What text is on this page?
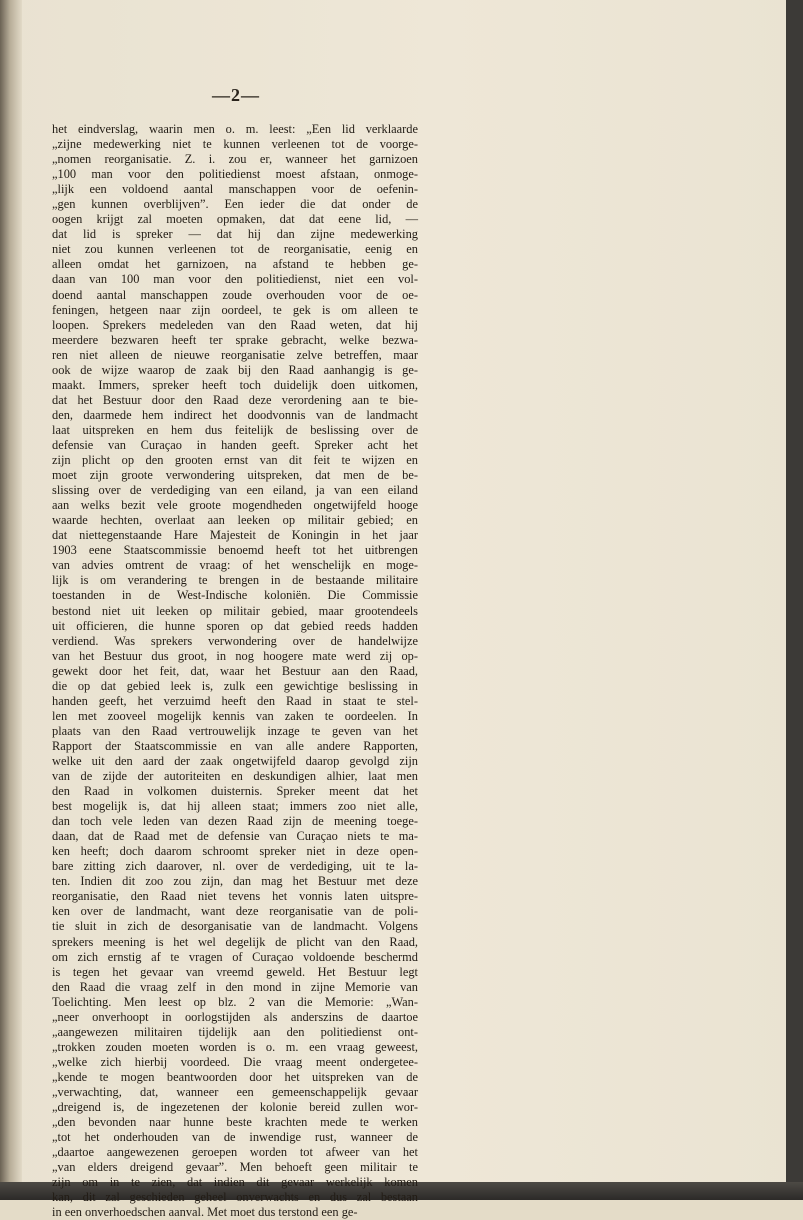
—2—
het eindverslag, waarin men o. m. leest: „Een lid verklaarde
„zijne medewerking niet te kunnen verleenen tot de voorge-
„nomen reorganisatie. Z. i. zou er, wanneer het garnizoen
„100 man voor den politiedienst moest afstaan, onmoge-
„lijk een voldoend aantal manschappen voor de oefenin-
„gen kunnen overblijven”. Een ieder die dat onder de
oogen krijgt zal moeten opmaken, dat dat eene lid, —
dat lid is spreker — dat hij dan zijne medewerking
niet zou kunnen verleenen tot de reorganisatie, eenig en
alleen omdat het garnizoen, na afstand te hebben ge-
daan van 100 man voor den politiedienst, niet een vol-
doend aantal manschappen zoude overhouden voor de oe-
feningen, hetgeen naar zijn oordeel, te gek is om alleen te
loopen. Sprekers medeleden van den Raad weten, dat hij
meerdere bezwaren heeft ter sprake gebracht, welke bezwa-
ren niet alleen de nieuwe reorganisatie zelve betreffen, maar
ook de wijze waarop de zaak bij den Raad aanhangig is ge-
maakt. Immers, spreker heeft toch duidelijk doen uitkomen,
dat het Bestuur door den Raad deze verordening aan te bie-
den, daarmede hem indirect het doodvonnis van de landmacht
laat uitspreken en hem dus feitelijk de beslissing over de
defensie van Curaçao in handen geeft. Spreker acht het
zijn plicht op den grooten ernst van dit feit te wijzen en
moet zijn groote verwondering uitspreken, dat men de be-
slissing over de verdediging van een eiland, ja van een eiland
aan welks bezit vele groote mogendheden ongetwijfeld hooge
waarde hechten, overlaat aan leeken op militair gebied; en
dat niettegenstaande Hare Majesteit de Koningin in het jaar
1903 eene Staatscommissie benoemd heeft tot het uitbrengen
van advies omtrent de vraag: of het wenschelijk en moge-
lijk is om verandering te brengen in de bestaande militaire
toestanden in de West-Indische koloniën. Die Commissie
bestond niet uit leeken op militair gebied, maar grootendeels
uit officieren, die hunne sporen op dat gebied reeds hadden
verdiend. Was sprekers verwondering over de handelwijze
van het Bestuur dus groot, in nog hoogere mate werd zij op-
gewekt door het feit, dat, waar het Bestuur aan den Raad,
die op dat gebied leek is, zulk een gewichtige beslissing in
handen geeft, het verzuimd heeft den Raad in staat te stel-
len met zooveel mogelijk kennis van zaken te oordeelen. In
plaats van den Raad vertrouwelijk inzage te geven van het
Rapport der Staatscommissie en van alle andere Rapporten,
welke uit den aard der zaak ongetwijfeld daarop gevolgd zijn
van de zijde der autoriteiten en deskundigen alhier, laat men
den Raad in volkomen duisternis. Spreker meent dat het
best mogelijk is, dat hij alleen staat; immers zoo niet alle,
dan toch vele leden van dezen Raad zijn de meening toege-
daan, dat de Raad met de defensie van Curaçao niets te ma-
ken heeft; doch daarom schroomt spreker niet in deze open-
bare zitting zich daarover, nl. over de verdediging, uit te la-
ten. Indien dit zoo zou zijn, dan mag het Bestuur met deze
reorganisatie, den Raad niet tevens het vonnis laten uitspre-
ken over de landmacht, want deze reorganisatie van de poli-
tie sluit in zich de desorganisatie van de landmacht. Volgens
sprekers meening is het wel degelijk de plicht van den Raad,
om zich ernstig af te vragen of Curaçao voldoende beschermd
is tegen het gevaar van vreemd geweld. Het Bestuur legt
den Raad die vraag zelf in den mond in zijne Memorie van
Toelichting. Men leest op blz. 2 van die Memorie: „Wan-
„neer onverhoopt in oorlogstijden als anderszins de daartoe
„aangewezen militairen tijdelijk aan den politiedienst ont-
„trokken zouden moeten worden is o. m. een vraag geweest,
„welke zich hierbij voordeed. Die vraag meent ondergetee-
„kende te mogen beantwoorden door het uitspreken van de
„verwachting, dat, wanneer een gemeenschappelijk gevaar
„dreigend is, de ingezetenen der kolonie bereid zullen wor-
„den bevonden naar hunne beste krachten mede te werken
„tot het onderhouden van de inwendige rust, wanneer de
„daartoe aangewezenen geroepen worden tot afweer van het
„van elders dreigend gevaar”. Men behoeft geen militair te
zijn om in te zien, dat indien dit gevaar werkelijk komen
kan, dit zal geschieden geheel onverwachts en dus zal bestaan
in een onverhoedschen aanval. Met moet dus terstond een ge-
